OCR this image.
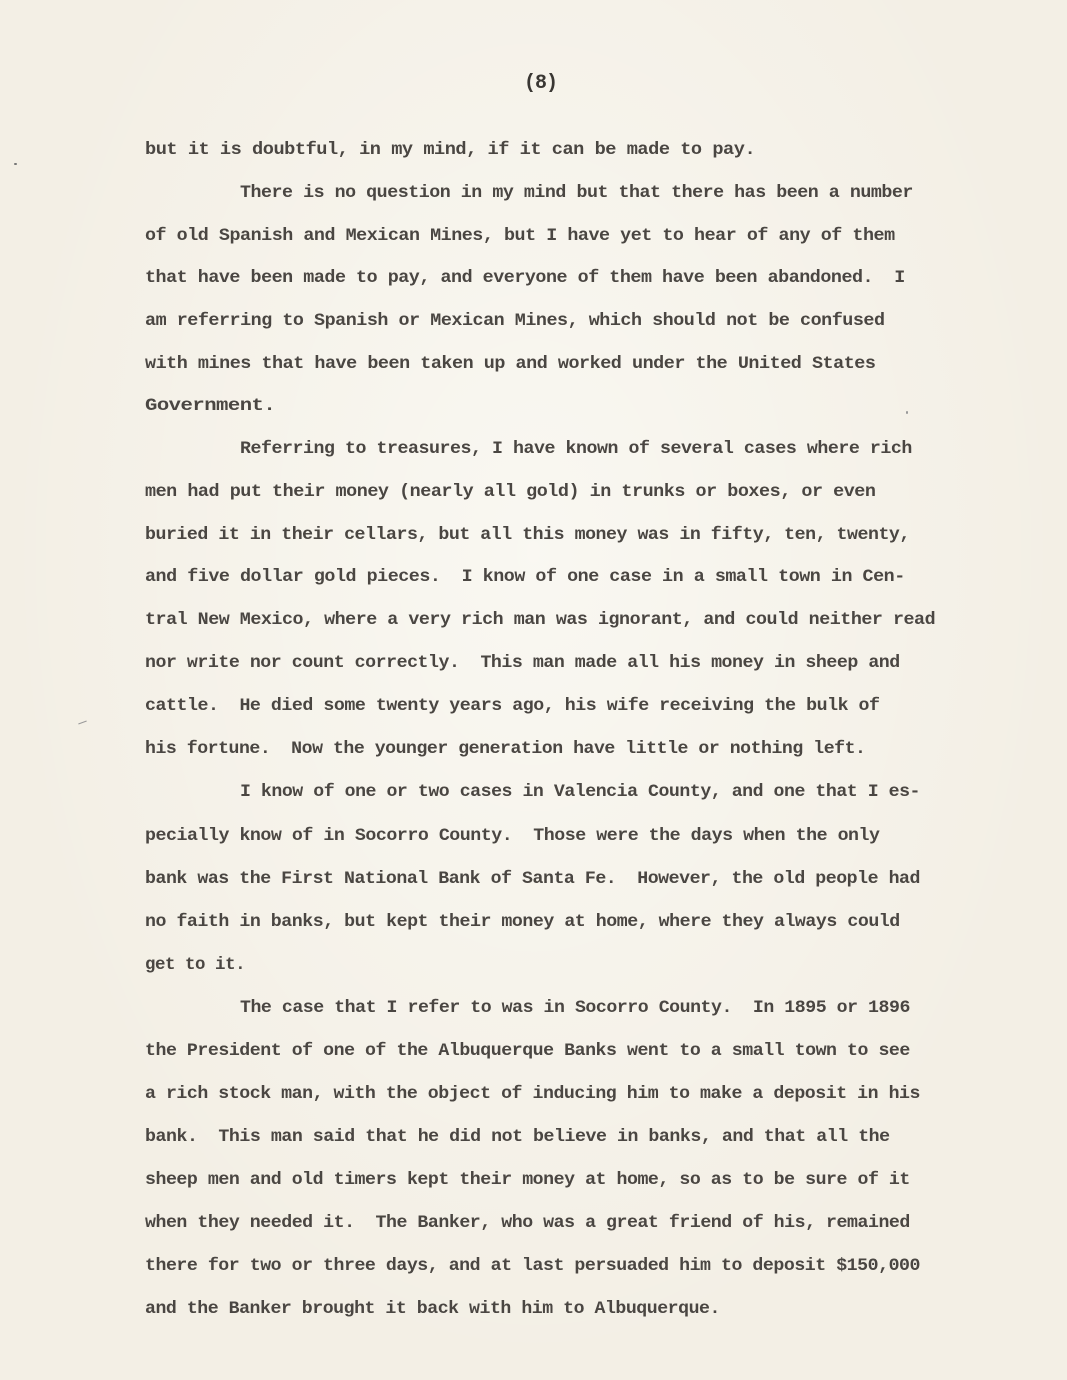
(8)
but it is doubtful, in my mind, if it can be made to pay.
There is no question in my mind but that there has been a number
of old Spanish and Mexican Mines, but I have yet to hear of any of them
that have been made to pay, and everyone of them have been abandoned.  I
am referring to Spanish or Mexican Mines, which should not be confused
with mines that have been taken up and worked under the United States
Government.
Referring to treasures, I have known of several cases where rich
men had put their money (nearly all gold) in trunks or boxes, or even
buried it in their cellars, but all this money was in fifty, ten, twenty,
and five dollar gold pieces.  I know of one case in a small town in Cen-
tral New Mexico, where a very rich man was ignorant, and could neither read
nor write nor count correctly.  This man made all his money in sheep and
cattle.  He died some twenty years ago, his wife receiving the bulk of
his fortune.  Now the younger generation have little or nothing left.
I know of one or two cases in Valencia County, and one that I es-
pecially know of in Socorro County.  Those were the days when the only
bank was the First National Bank of Santa Fe.  However, the old people had
no faith in banks, but kept their money at home, where they always could
get to it.
The case that I refer to was in Socorro County.  In 1895 or 1896
the President of one of the Albuquerque Banks went to a small town to see
a rich stock man, with the object of inducing him to make a deposit in his
bank.  This man said that he did not believe in banks, and that all the
sheep men and old timers kept their money at home, so as to be sure of it
when they needed it.  The Banker, who was a great friend of his, remained
there for two or three days, and at last persuaded him to deposit $150,000
and the Banker brought it back with him to Albuquerque.
